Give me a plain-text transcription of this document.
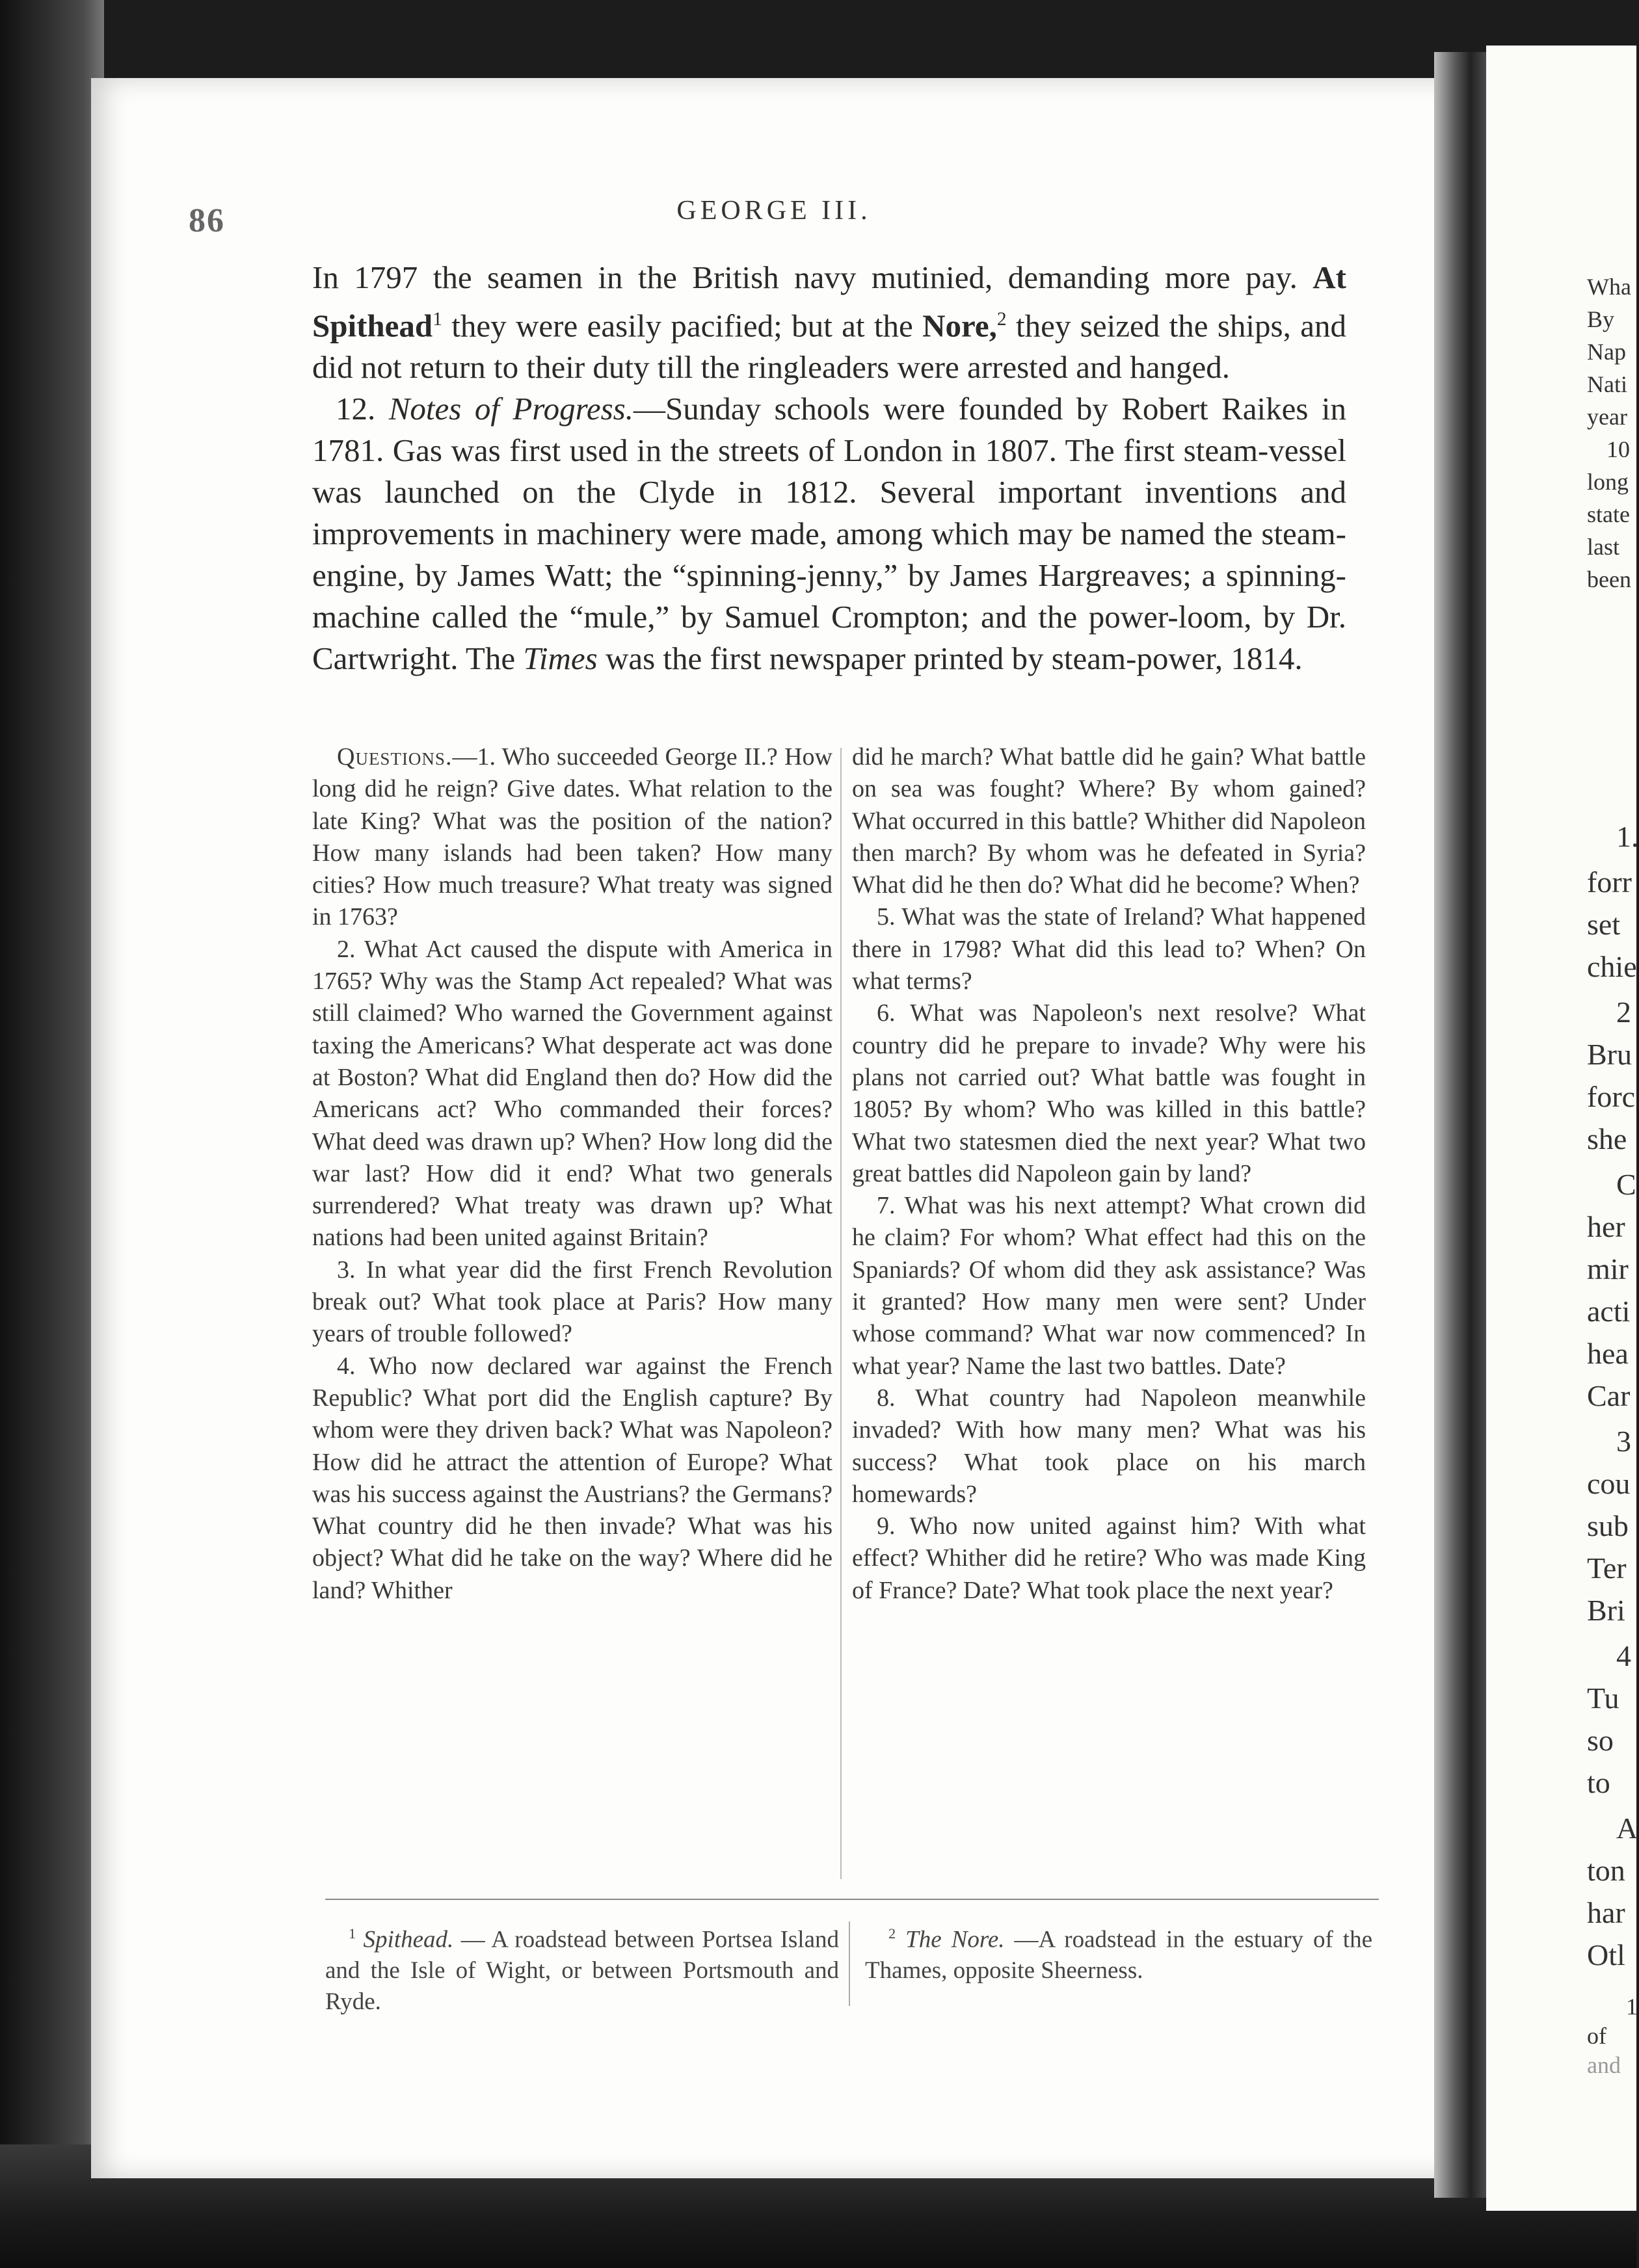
Wha
By
Nap
Nati
year
10
long
state
last
been
1.
forr
set
chie
2
Bru
forc
she
C
her
mir
acti
hea
Car
3
cou
sub
Ter
Bri
4
Tu
so
to
A
ton
har
Otl
1
of
and
86	GEORGE III.

In 1797 the seamen in the British navy mutinied, demanding more pay. At Spithead$^1$ they were easily pacified; but at the Nore,$^2$ they seized the ships, and did not return to their duty till the ringleaders were arrested and hanged.

12. Notes of Progress.—Sunday schools were founded by Robert Raikes in 1781. Gas was first used in the streets of London in 1807. The first steam-vessel was launched on the Clyde in 1812. Several important inventions and improvements in machinery were made, among which may be named the steam-engine, by James Watt; the “spinning-jenny,” by James Hargreaves; a spinning-machine called the “mule,” by Samuel Crompton; and the power-loom, by Dr. Cartwright. The Times was the first newspaper printed by steam-power, 1814.

Questions.—1. Who succeeded George II.? How long did he reign? Give dates. What relation to the late King? What was the position of the nation? How many islands had been taken? How many cities? How much treasure? What treaty was signed in 1763?

2. What Act caused the dispute with America in 1765? Why was the Stamp Act repealed? What was still claimed? Who warned the Government against taxing the Americans? What desperate act was done at Boston? What did England then do? How did the Americans act? Who commanded their forces? What deed was drawn up? When? How long did the war last? How did it end? What two generals surrendered? What treaty was drawn up? What nations had been united against Britain?

3. In what year did the first French Revolution break out? What took place at Paris? How many years of trouble followed?

4. Who now declared war against the French Republic? What port did the English capture? By whom were they driven back? What was Napoleon? How did he attract the attention of Europe? What was his success against the Austrians? the Germans? What country did he then invade? What was his object? What did he take on the way? Where did he land? Whither

did he march? What battle did he gain? What battle on sea was fought? Where? By whom gained? What occurred in this battle? Whither did Napoleon then march? By whom was he defeated in Syria? What did he then do? What did he become? When?

5. What was the state of Ireland? What happened there in 1798? What did this lead to? When? On what terms?

6. What was Napoleon's next resolve? What country did he prepare to invade? Why were his plans not carried out? What battle was fought in 1805? By whom? Who was killed in this battle? What two statesmen died the next year? What two great battles did Napoleon gain by land?

7. What was his next attempt? What crown did he claim? For whom? What effect had this on the Spaniards? Of whom did they ask assistance? Was it granted? How many men were sent? Under whose command? What war now commenced? In what year? Name the last two battles. Date?

8. What country had Napoleon meanwhile invaded? With how many men? What was his success? What took place on his march homewards?

9. Who now united against him? With what effect? Whither did he retire? Who was made King of France? Date? What took place the next year?

$^1$ Spithead. — A roadstead between Portsea Island and the Isle of Wight, or between Portsmouth and Ryde.

$^2$ The Nore. —A roadstead in the estuary of the Thames, opposite Sheerness.
